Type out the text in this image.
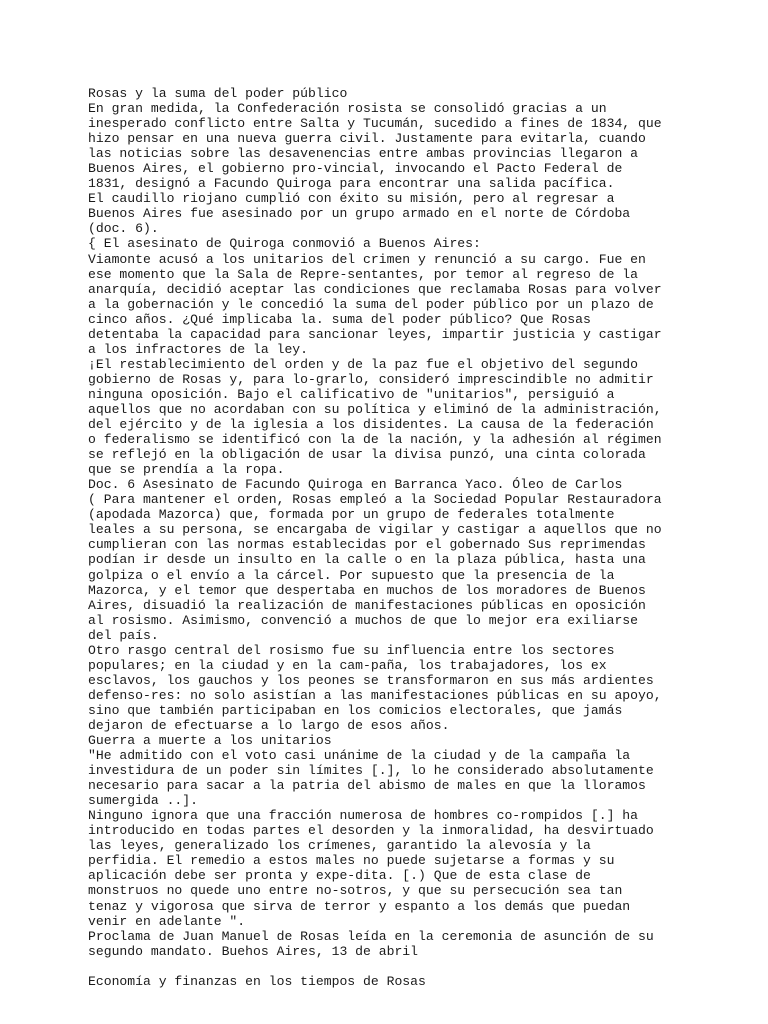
Rosas y la suma del poder público
En gran medida, la Confederación rosista se consolidó gracias a un
inesperado conflicto entre Salta y Tucumán, sucedido a fines de 1834, que
hizo pensar en una nueva guerra civil. Justamente para evitarla, cuando
las noticias sobre las desavenencias entre ambas provincias llegaron a
Buenos Aires, el gobierno pro-vincial, invocando el Pacto Federal de
1831, designó a Facundo Quiroga para encontrar una salida pacífica.
El caudillo riojano cumplió con éxito su misión, pero al regresar a
Buenos Aires fue asesinado por un grupo armado en el norte de Córdoba
(doc. 6).
{ El asesinato de Quiroga conmovió a Buenos Aires:
Viamonte acusó a los unitarios del crimen y renunció a su cargo. Fue en
ese momento que la Sala de Repre-sentantes, por temor al regreso de la
anarquía, decidió aceptar las condiciones que reclamaba Rosas para volver
a la gobernación y le concedió la suma del poder público por un plazo de
cinco años. ¿Qué implicaba la. suma del poder público? Que Rosas
detentaba la capacidad para sancionar leyes, impartir justicia y castigar
a los infractores de la ley.
¡El restablecimiento del orden y de la paz fue el objetivo del segundo
gobierno de Rosas y, para lo-grarlo, consideró imprescindible no admitir
ninguna oposición. Bajo el calificativo de "unitarios", persiguió a
aquellos que no acordaban con su política y eliminó de la administración,
del ejército y de la iglesia a los disidentes. La causa de la federación
o federalismo se identificó con la de la nación, y la adhesión al régimen
se reflejó en la obligación de usar la divisa punzó, una cinta colorada
que se prendía a la ropa.
Doc. 6 Asesinato de Facundo Quiroga en Barranca Yaco. Óleo de Carlos
( Para mantener el orden, Rosas empleó a la Sociedad Popular Restauradora
(apodada Mazorca) que, formada por un grupo de federales totalmente
leales a su persona, se encargaba de vigilar y castigar a aquellos que no
cumplieran con las normas establecidas por el gobernado Sus reprimendas
podían ir desde un insulto en la calle o en la plaza pública, hasta una
golpiza o el envío a la cárcel. Por supuesto que la presencia de la
Mazorca, y el temor que despertaba en muchos de los moradores de Buenos
Aires, disuadió la realización de manifestaciones públicas en oposición
al rosismo. Asimismo, convenció a muchos de que lo mejor era exiliarse
del país.
Otro rasgo central del rosismo fue su influencia entre los sectores
populares; en la ciudad y en la cam-paña, los trabajadores, los ex
esclavos, los gauchos y los peones se transformaron en sus más ardientes
defenso-res: no solo asistían a las manifestaciones públicas en su apoyo,
sino que también participaban en los comicios electorales, que jamás
dejaron de efectuarse a lo largo de esos años.
Guerra a muerte a los unitarios
"He admitido con el voto casi unánime de la ciudad y de la campaña la
investidura de un poder sin límites [.], lo he considerado absolutamente
necesario para sacar a la patria del abismo de males en que la lloramos
sumergida ..].
Ninguno ignora que una fracción numerosa de hombres co-rompidos [.] ha
introducido en todas partes el desorden y la inmoralidad, ha desvirtuado
las leyes, generalizado los crímenes, garantido la alevosía y la
perfidia. El remedio a estos males no puede sujetarse a formas y su
aplicación debe ser pronta y expe-dita. [.) Que de esta clase de
monstruos no quede uno entre no-sotros, y que su persecución sea tan
tenaz y vigorosa que sirva de terror y espanto a los demás que puedan
venir en adelante ".
Proclama de Juan Manuel de Rosas leída en la ceremonia de asunción de su
segundo mandato. Buehos Aires, 13 de abril
Economía y finanzas en los tiempos de Rosas
